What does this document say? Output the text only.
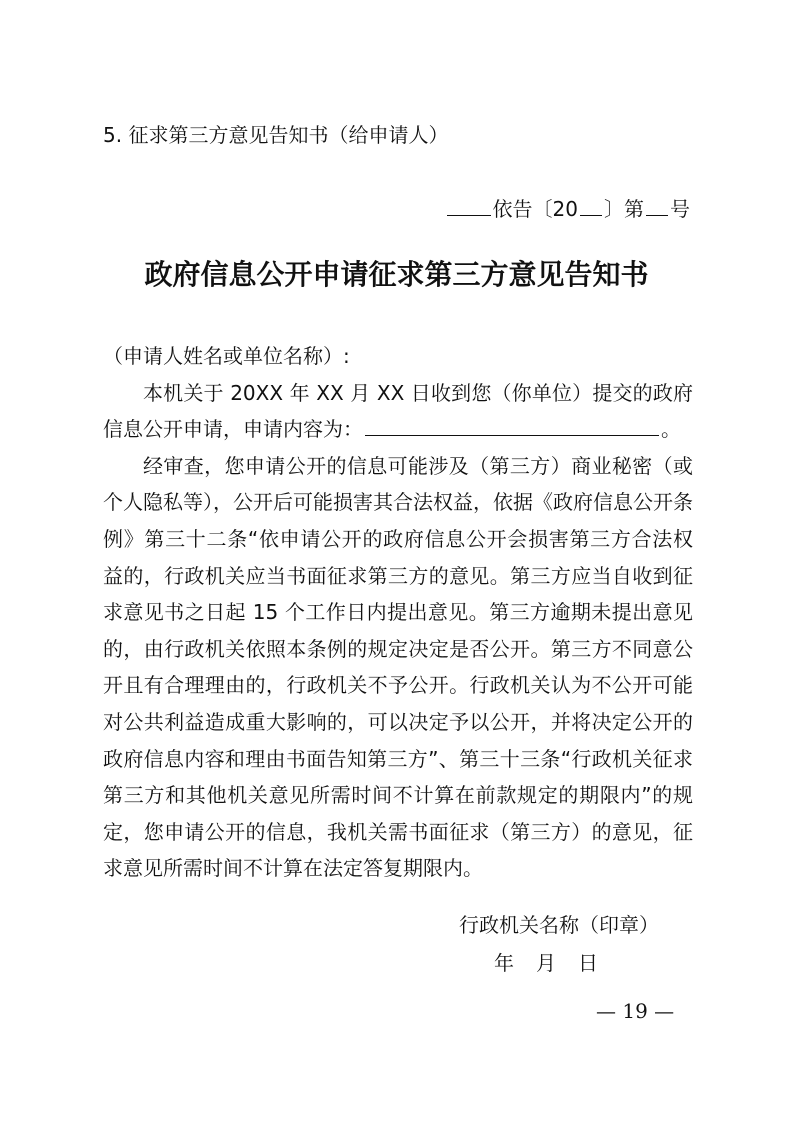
5. 征求第三方意见告知书（给申请人）
依告〔20 〕第 号
政府信息公开申请征求第三方意见告知书

（申请人姓名或单位名称）:

本机关于 20XX 年 XX 月 XX 日收到您（你单位）提交的政府信息公开申请，申请内容为：	。

经审查，您申请公开的信息可能涉及（第三方）商业秘密（或个人隐私等），公开后可能损害其合法权益，依据《政府信息公开条例》第三十二条“依申请公开的政府信息公开会损害第三方合法权益的，行政机关应当书面征求第三方的意见。第三方应当自收到征求意见书之日起 15 个工作日内提出意见。第三方逾期未提出意见的，由行政机关依照本条例的规定决定是否公开。第三方不同意公开且有合理理由的，行政机关不予公开。行政机关认为不公开可能对公共利益造成重大影响的，可以决定予以公开，并将决定公开的政府信息内容和理由书面告知第三方”、第三十三条“行政机关征求第三方和其他机关意见所需时间不计算在前款规定的期限内”的规定，您申请公开的信息，我机关需书面征求（第三方）的意见，征求意见所需时间不计算在法定答复期限内。

行政机关名称（印章）
年 月 日
— 19 —
